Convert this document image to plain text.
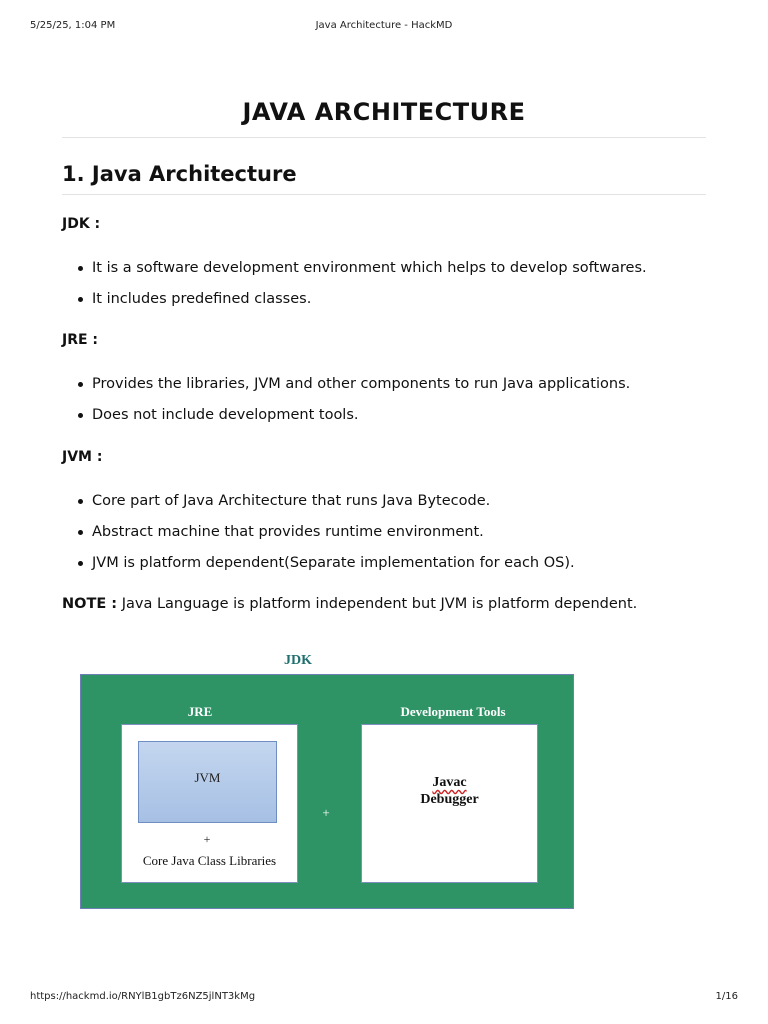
5/25/25, 1:04 PM	Java Architecture - HackMD
JAVA ARCHITECTURE
1. Java Architecture

JDK :

It is a software development environment which helps to develop softwares.
It includes predefined classes.

JRE :

Provides the libraries, JVM and other components to run Java applications.
Does not include development tools.

JVM :

Core part of Java Architecture that runs Java Bytecode.
Abstract machine that provides runtime environment.
JVM is platform dependent(Separate implementation for each OS).

NOTE : Java Language is platform independent but JVM is platform dependent.

JDK
JRE	Development Tools
JVM
+
Core Java Class Libraries
+
Javac
Debugger
https://hackmd.io/RNYlB1gbTz6NZ5jlNT3kMg	1/16
